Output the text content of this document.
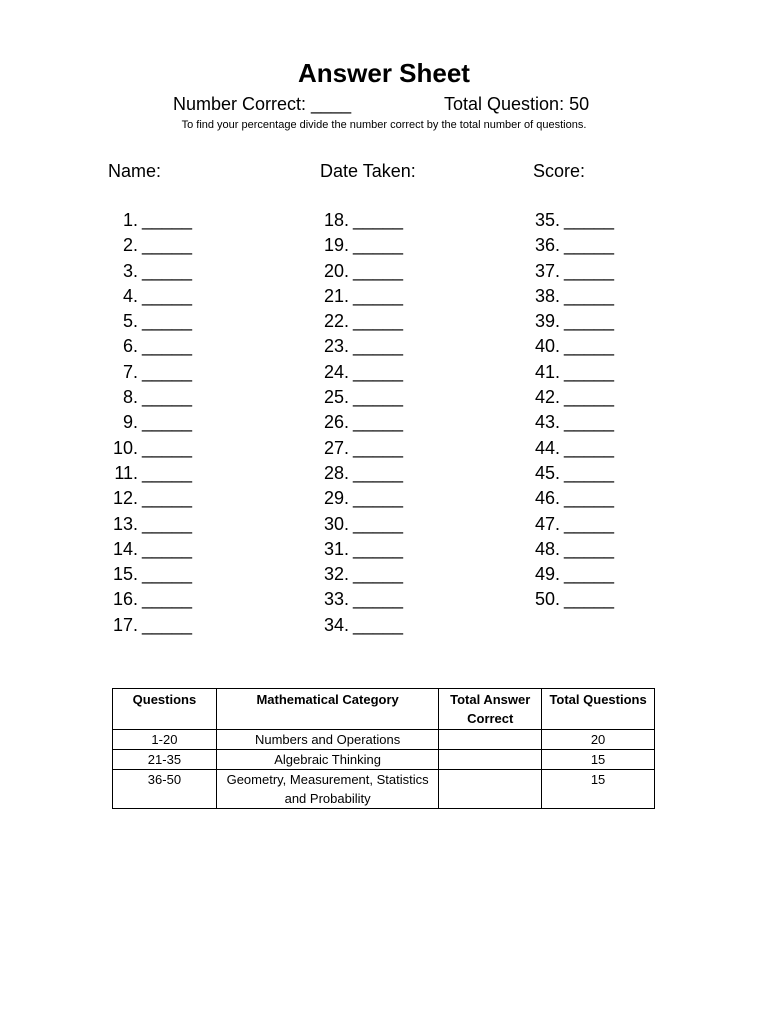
Answer Sheet
Number Correct: ____	Total Question: 50
To find your percentage divide the number correct by the total number of questions.
Name:	Date Taken:	Score:
1. _____
2. _____
3. _____
4. _____
5. _____
6. _____
7. _____
8. _____
9. _____
10. _____
11. _____
12. _____
13. _____
14. _____
15. _____
16. _____
17. _____
18. _____
19. _____
20. _____
21. _____
22. _____
23. _____
24. _____
25. _____
26. _____
27. _____
28. _____
29. _____
30. _____
31. _____
32. _____
33. _____
34. _____
35. _____
36. _____
37. _____
38. _____
39. _____
40. _____
41. _____
42. _____
43. _____
44. _____
45. _____
46. _____
47. _____
48. _____
49. _____
50. _____
Questions	Mathematical Category	Total Answer Correct	Total Questions
1-20	Numbers and Operations		20
21-35	Algebraic Thinking		15
36-50	Geometry, Measurement, Statistics and Probability		15
